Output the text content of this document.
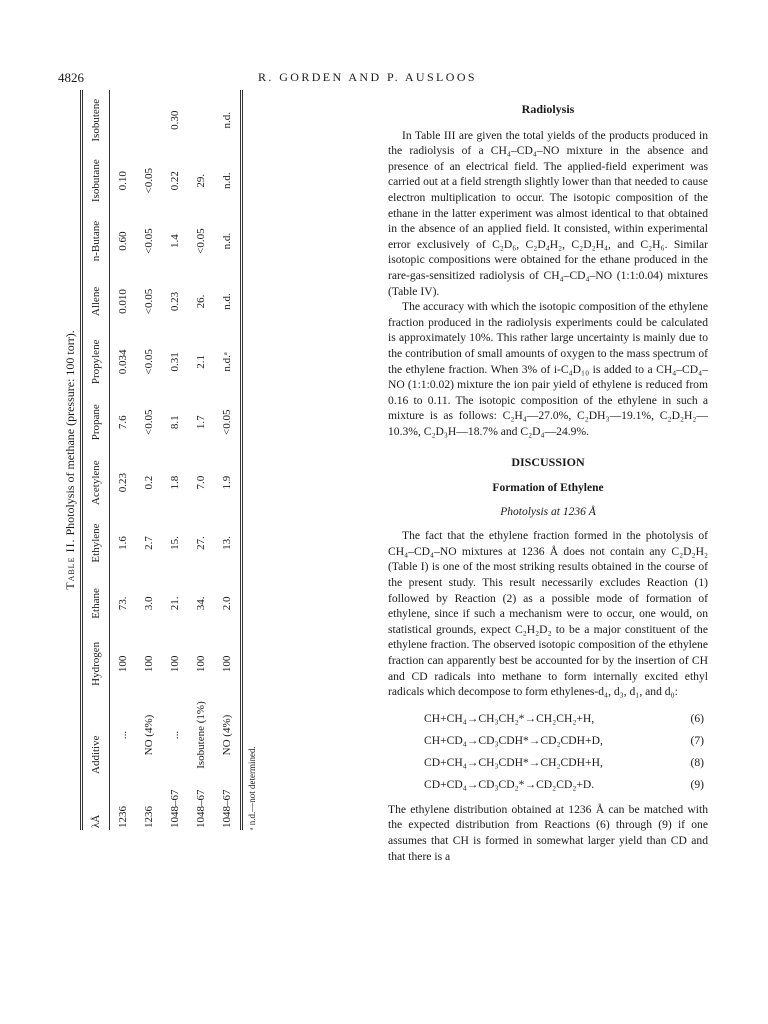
4826	R. GORDEN AND P. AUSLOOS
Table II. Photolysis of methane (pressure: 100 torr).
λÅ	Additive	Hydrogen	Ethane	Ethylene	Acetylene	Propane	Propylene	Allene	n-Butane	Isobutane	Isobutene
1236	...	100	73.	1.6	0.23	7.6	0.034	0.010	0.60	0.10	
1236	NO (4%)	100	3.0	2.7	0.2	<0.05	<0.05	<0.05	<0.05	<0.05	
1048–67	...	100	21.	15.	1.8	8.1	0.31	0.23	1.4	0.22	0.30
1048–67	Isobutene (1%)	100	34.	27.	7.0	1.7	2.1	26.	<0.05	29.	
1048–67	NO (4%)	100	2.0	13.	1.9	<0.05	n.d.ᵃ	n.d.	n.d.	n.d.	n.d.
ᵃ n.d.—not determined.
Radiolysis

In Table III are given the total yields of the products produced in the radiolysis of a CH₄–CD₄–NO mixture in the absence and presence of an electrical field. The applied-field experiment was carried out at a field strength slightly lower than that needed to cause electron multiplication to occur. The isotopic composition of the ethane in the latter experiment was almost identical to that obtained in the absence of an applied field. It consisted, within experimental error exclusively of C₂D₆, C₂D₄H₂, C₂D₂H₄, and C₂H₆. Similar isotopic compositions were obtained for the ethane produced in the rare-gas-sensitized radiolysis of CH₄–CD₄–NO (1:1:0.04) mixtures (Table IV).

The accuracy with which the isotopic composition of the ethylene fraction produced in the radiolysis experiments could be calculated is approximately 10%. This rather large uncertainty is mainly due to the contribution of small amounts of oxygen to the mass spectrum of the ethylene fraction. When 3% of i-C₄D₁₀ is added to a CH₄–CD₄–NO (1:1:0.02) mixture the ion pair yield of ethylene is reduced from 0.16 to 0.11. The isotopic composition of the ethylene in such a mixture is as follows: C₂H₄—27.0%, C₂DH₃—19.1%, C₂D₂H₂—10.3%, C₂D₃H—18.7% and C₂D₄—24.9%.

DISCUSSION
Formation of Ethylene
Photolysis at 1236 Å

The fact that the ethylene fraction formed in the photolysis of CH₄–CD₄–NO mixtures at 1236 Å does not contain any C₂D₂H₂ (Table I) is one of the most striking results obtained in the course of the present study. This result necessarily excludes Reaction (1) followed by Reaction (2) as a possible mode of formation of ethylene, since if such a mechanism were to occur, one would, on statistical grounds, expect C₂H₂D₂ to be a major constituent of the ethylene fraction. The observed isotopic composition of the ethylene fraction can apparently best be accounted for by the insertion of CH and CD radicals into methane to form internally excited ethyl radicals which decompose to form ethylenes-d₄, d₃, d₁, and d₀:

CH+CH₄→CH₃CH₂*→CH₂CH₂+H,	(6)
CH+CD₄→CD₃CDH*→CD₂CDH+D,	(7)
CD+CH₄→CH₃CDH*→CH₂CDH+H,	(8)
CD+CD₄→CD₃CD₂*→CD₂CD₂+D.	(9)

The ethylene distribution obtained at 1236 Å can be matched with the expected distribution from Reactions (6) through (9) if one assumes that CH is formed in somewhat larger yield than CD and that there is a
